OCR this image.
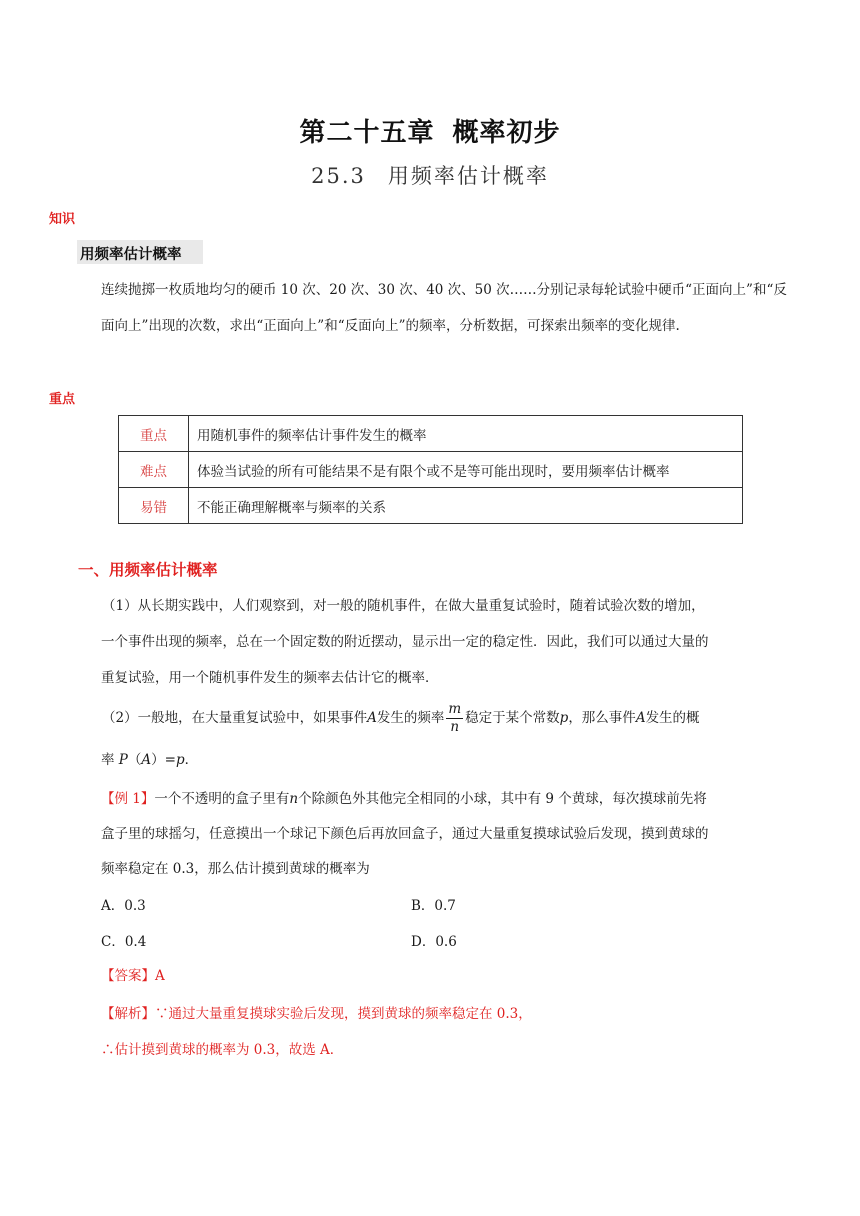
第二十五章 概率初步
25.3 用频率估计概率
知识
用频率估计概率
连续抛掷一枚质地均匀的硬币 10 次、20 次、30 次、40 次、50 次……分别记录每轮试验中硬币“正面向上”和“反面向上”出现的次数，求出“正面向上”和“反面向上”的频率，分析数据，可探索出频率的变化规律.
重点
重点	用随机事件的频率估计事件发生的概率
难点	体验当试验的所有可能结果不是有限个或不是等可能出现时，要用频率估计概率
易错	不能正确理解概率与频率的关系
一、用频率估计概率
（1）从长期实践中，人们观察到，对一般的随机事件，在做大量重复试验时，随着试验次数的增加，
一个事件出现的频率，总在一个固定数的附近摆动，显示出一定的稳定性．因此，我们可以通过大量的
重复试验，用一个随机事件发生的频率去估计它的概率．
（2）一般地，在大量重复试验中，如果事件A发生的频率 $\frac{m}{n}$ 稳定于某个常数p，那么事件A发生的概
率 P（A）=p．
【例 1】一个不透明的盒子里有n个除颜色外其他完全相同的小球，其中有 9 个黄球，每次摸球前先将
盒子里的球摇匀，任意摸出一个球记下颜色后再放回盒子，通过大量重复摸球试验后发现，摸到黄球的
频率稳定在 0.3，那么估计摸到黄球的概率为
A．0.3	B．0.7
C．0.4	D．0.6
【答案】A
【解析】∵通过大量重复摸球实验后发现，摸到黄球的频率稳定在 0.3，
∴估计摸到黄球的概率为 0.3，故选 A．
